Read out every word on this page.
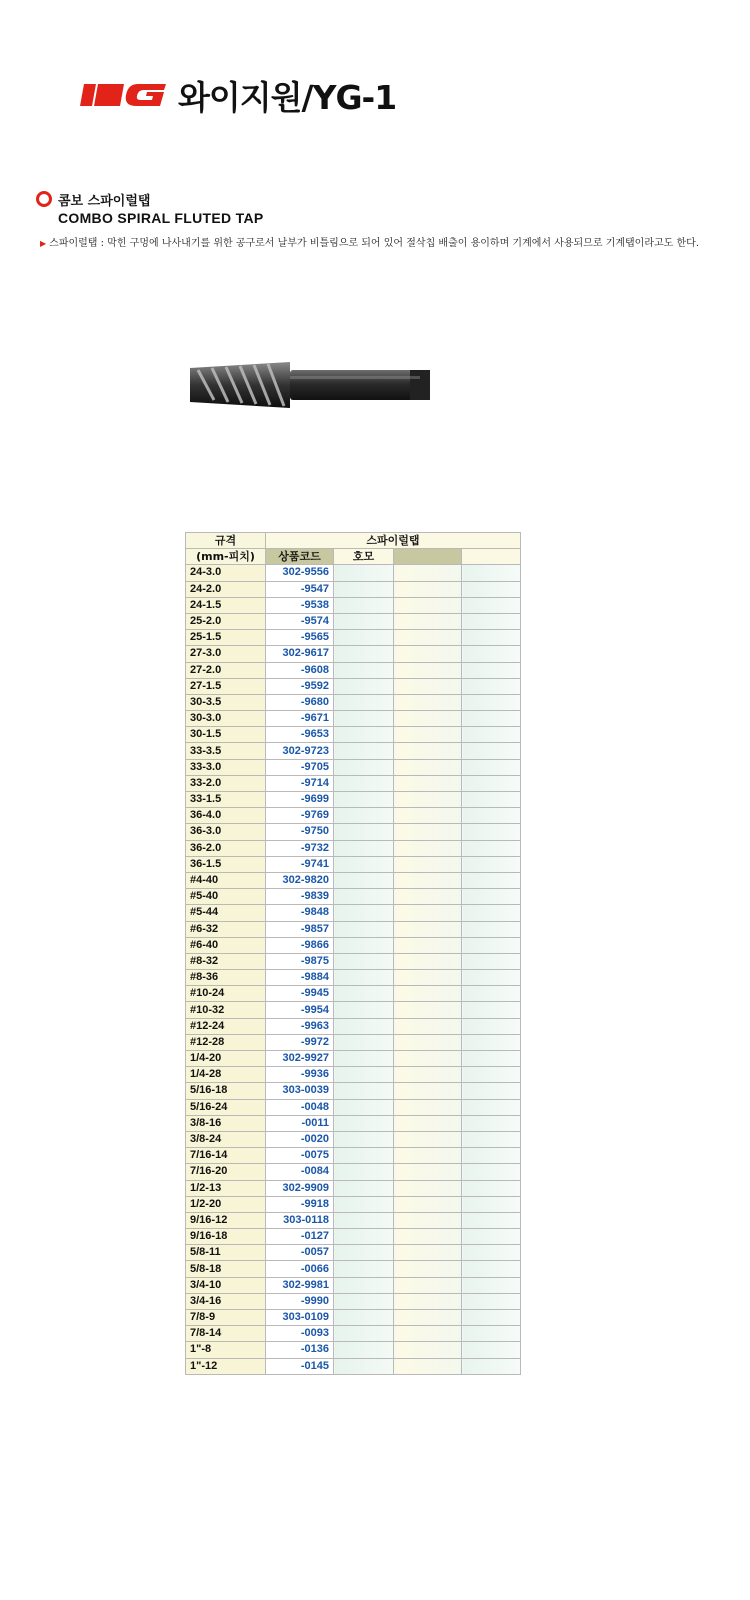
와이지원/YG-1
콤보 스파이럴탭
COMBO SPIRAL FLUTED TAP
▶ 스파이럴탭 : 막힌 구멍에 나사내기를 위한 공구로서 날부가 비틀림으로 되어 있어 절삭칩 배출이 용이하며 기계에서 사용되므로 기계탭이라고도 한다.
규격	스파이럴탭			
(mm-피치)	상품코드	호모		
24-3.0	302-9556			
24-2.0	-9547			
24-1.5	-9538			
25-2.0	-9574			
25-1.5	-9565			
27-3.0	302-9617			
27-2.0	-9608			
27-1.5	-9592			
30-3.5	-9680			
30-3.0	-9671			
30-1.5	-9653			
33-3.5	302-9723			
33-3.0	-9705			
33-2.0	-9714			
33-1.5	-9699			
36-4.0	-9769			
36-3.0	-9750			
36-2.0	-9732			
36-1.5	-9741			
#4-40	302-9820			
#5-40	-9839			
#5-44	-9848			
#6-32	-9857			
#6-40	-9866			
#8-32	-9875			
#8-36	-9884			
#10-24	-9945			
#10-32	-9954			
#12-24	-9963			
#12-28	-9972			
1/4-20	302-9927			
1/4-28	-9936			
5/16-18	303-0039			
5/16-24	-0048			
3/8-16	-0011			
3/8-24	-0020			
7/16-14	-0075			
7/16-20	-0084			
1/2-13	302-9909			
1/2-20	-9918			
9/16-12	303-0118			
9/16-18	-0127			
5/8-11	-0057			
5/8-18	-0066			
3/4-10	302-9981			
3/4-16	-9990			
7/8-9	303-0109			
7/8-14	-0093			
1"-8	-0136			
1"-12	-0145			
